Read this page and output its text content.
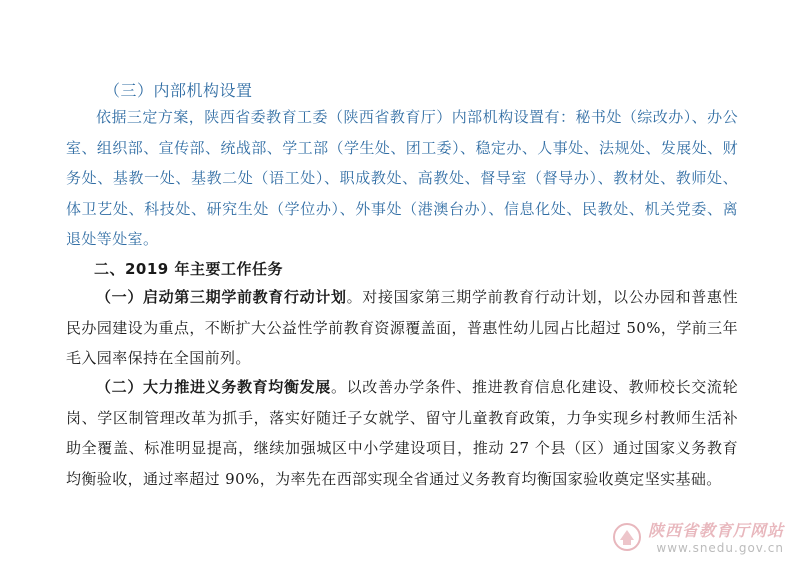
（三）内部机构设置
依据三定方案，陕西省委教育工委（陕西省教育厅）内部机构设置有：秘书处（综改办）、办公室、组织部、宣传部、统战部、学工部（学生处、团工委）、稳定办、人事处、法规处、发展处、财务处、基教一处、基教二处（语工处）、职成教处、高教处、督导室（督导办）、教材处、教师处、体卫艺处、科技处、研究生处（学位办）、外事处（港澳台办）、信息化处、民教处、机关党委、离退处等处室。
二、2019 年主要工作任务
（一）启动第三期学前教育行动计划。对接国家第三期学前教育行动计划，以公办园和普惠性民办园建设为重点，不断扩大公益性学前教育资源覆盖面，普惠性幼儿园占比超过 50%，学前三年毛入园率保持在全国前列。
（二）大力推进义务教育均衡发展。以改善办学条件、推进教育信息化建设、教师校长交流轮岗、学区制管理改革为抓手，落实好随迁子女就学、留守儿童教育政策，力争实现乡村教师生活补助全覆盖、标准明显提高，继续加强城区中小学建设项目，推动 27 个县（区）通过国家义务教育均衡验收，通过率超过 90%，为率先在西部实现全省通过义务教育均衡国家验收奠定坚实基础。
陕西省教育厅网站
www.snedu.gov.cn
